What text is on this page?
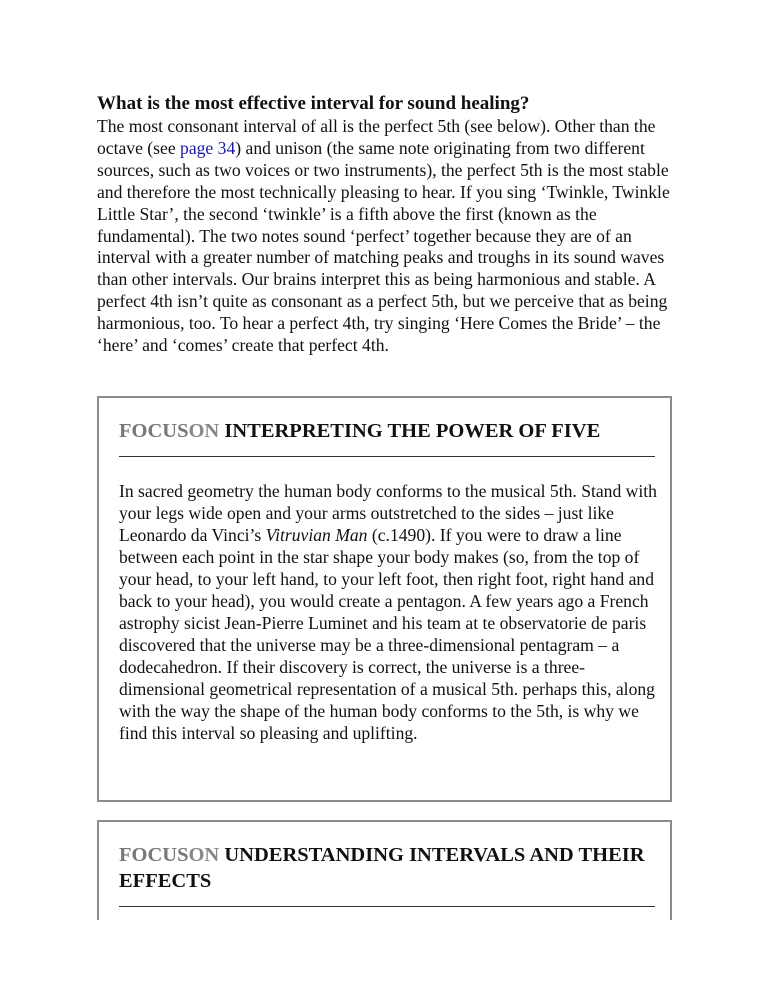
What is the most effective interval for sound healing?

The most consonant interval of all is the perfect 5th (see below). Other than the octave (see page 34) and unison (the same note originating from two different sources, such as two voices or two instruments), the perfect 5th is the most stable and therefore the most technically pleasing to hear. If you sing ‘Twinkle, Twinkle Little Star’, the second ‘twinkle’ is a fifth above the first (known as the fundamental). The two notes sound ‘perfect’ together because they are of an interval with a greater number of matching peaks and troughs in its sound waves than other intervals. Our brains interpret this as being harmonious and stable. A perfect 4th isn’t quite as consonant as a perfect 5th, but we perceive that as being harmonious, too. To hear a perfect 4th, try singing ‘Here Comes the Bride’ – the ‘here’ and ‘comes’ create that perfect 4th.

FOCUSON INTERPRETING THE POWER OF FIVE

In sacred geometry the human body conforms to the musical 5th. Stand with your legs wide open and your arms outstretched to the sides – just like Leonardo da Vinci’s Vitruvian Man (c.1490). If you were to draw a line between each point in the star shape your body makes (so, from the top of your head, to your left hand, to your left foot, then right foot, right hand and back to your head), you would create a pentagon. A few years ago a French astrophy sicist Jean-Pierre Luminet and his team at te observatorie de paris discovered that the universe may be a three-dimensional pentagram – a dodecahedron. If their discovery is correct, the universe is a three-dimensional geometrical representation of a musical 5th. perhaps this, along with the way the shape of the human body conforms to the 5th, is why we find this interval so pleasing and uplifting.

FOCUSON UNDERSTANDING INTERVALS AND THEIR EFFECTS
